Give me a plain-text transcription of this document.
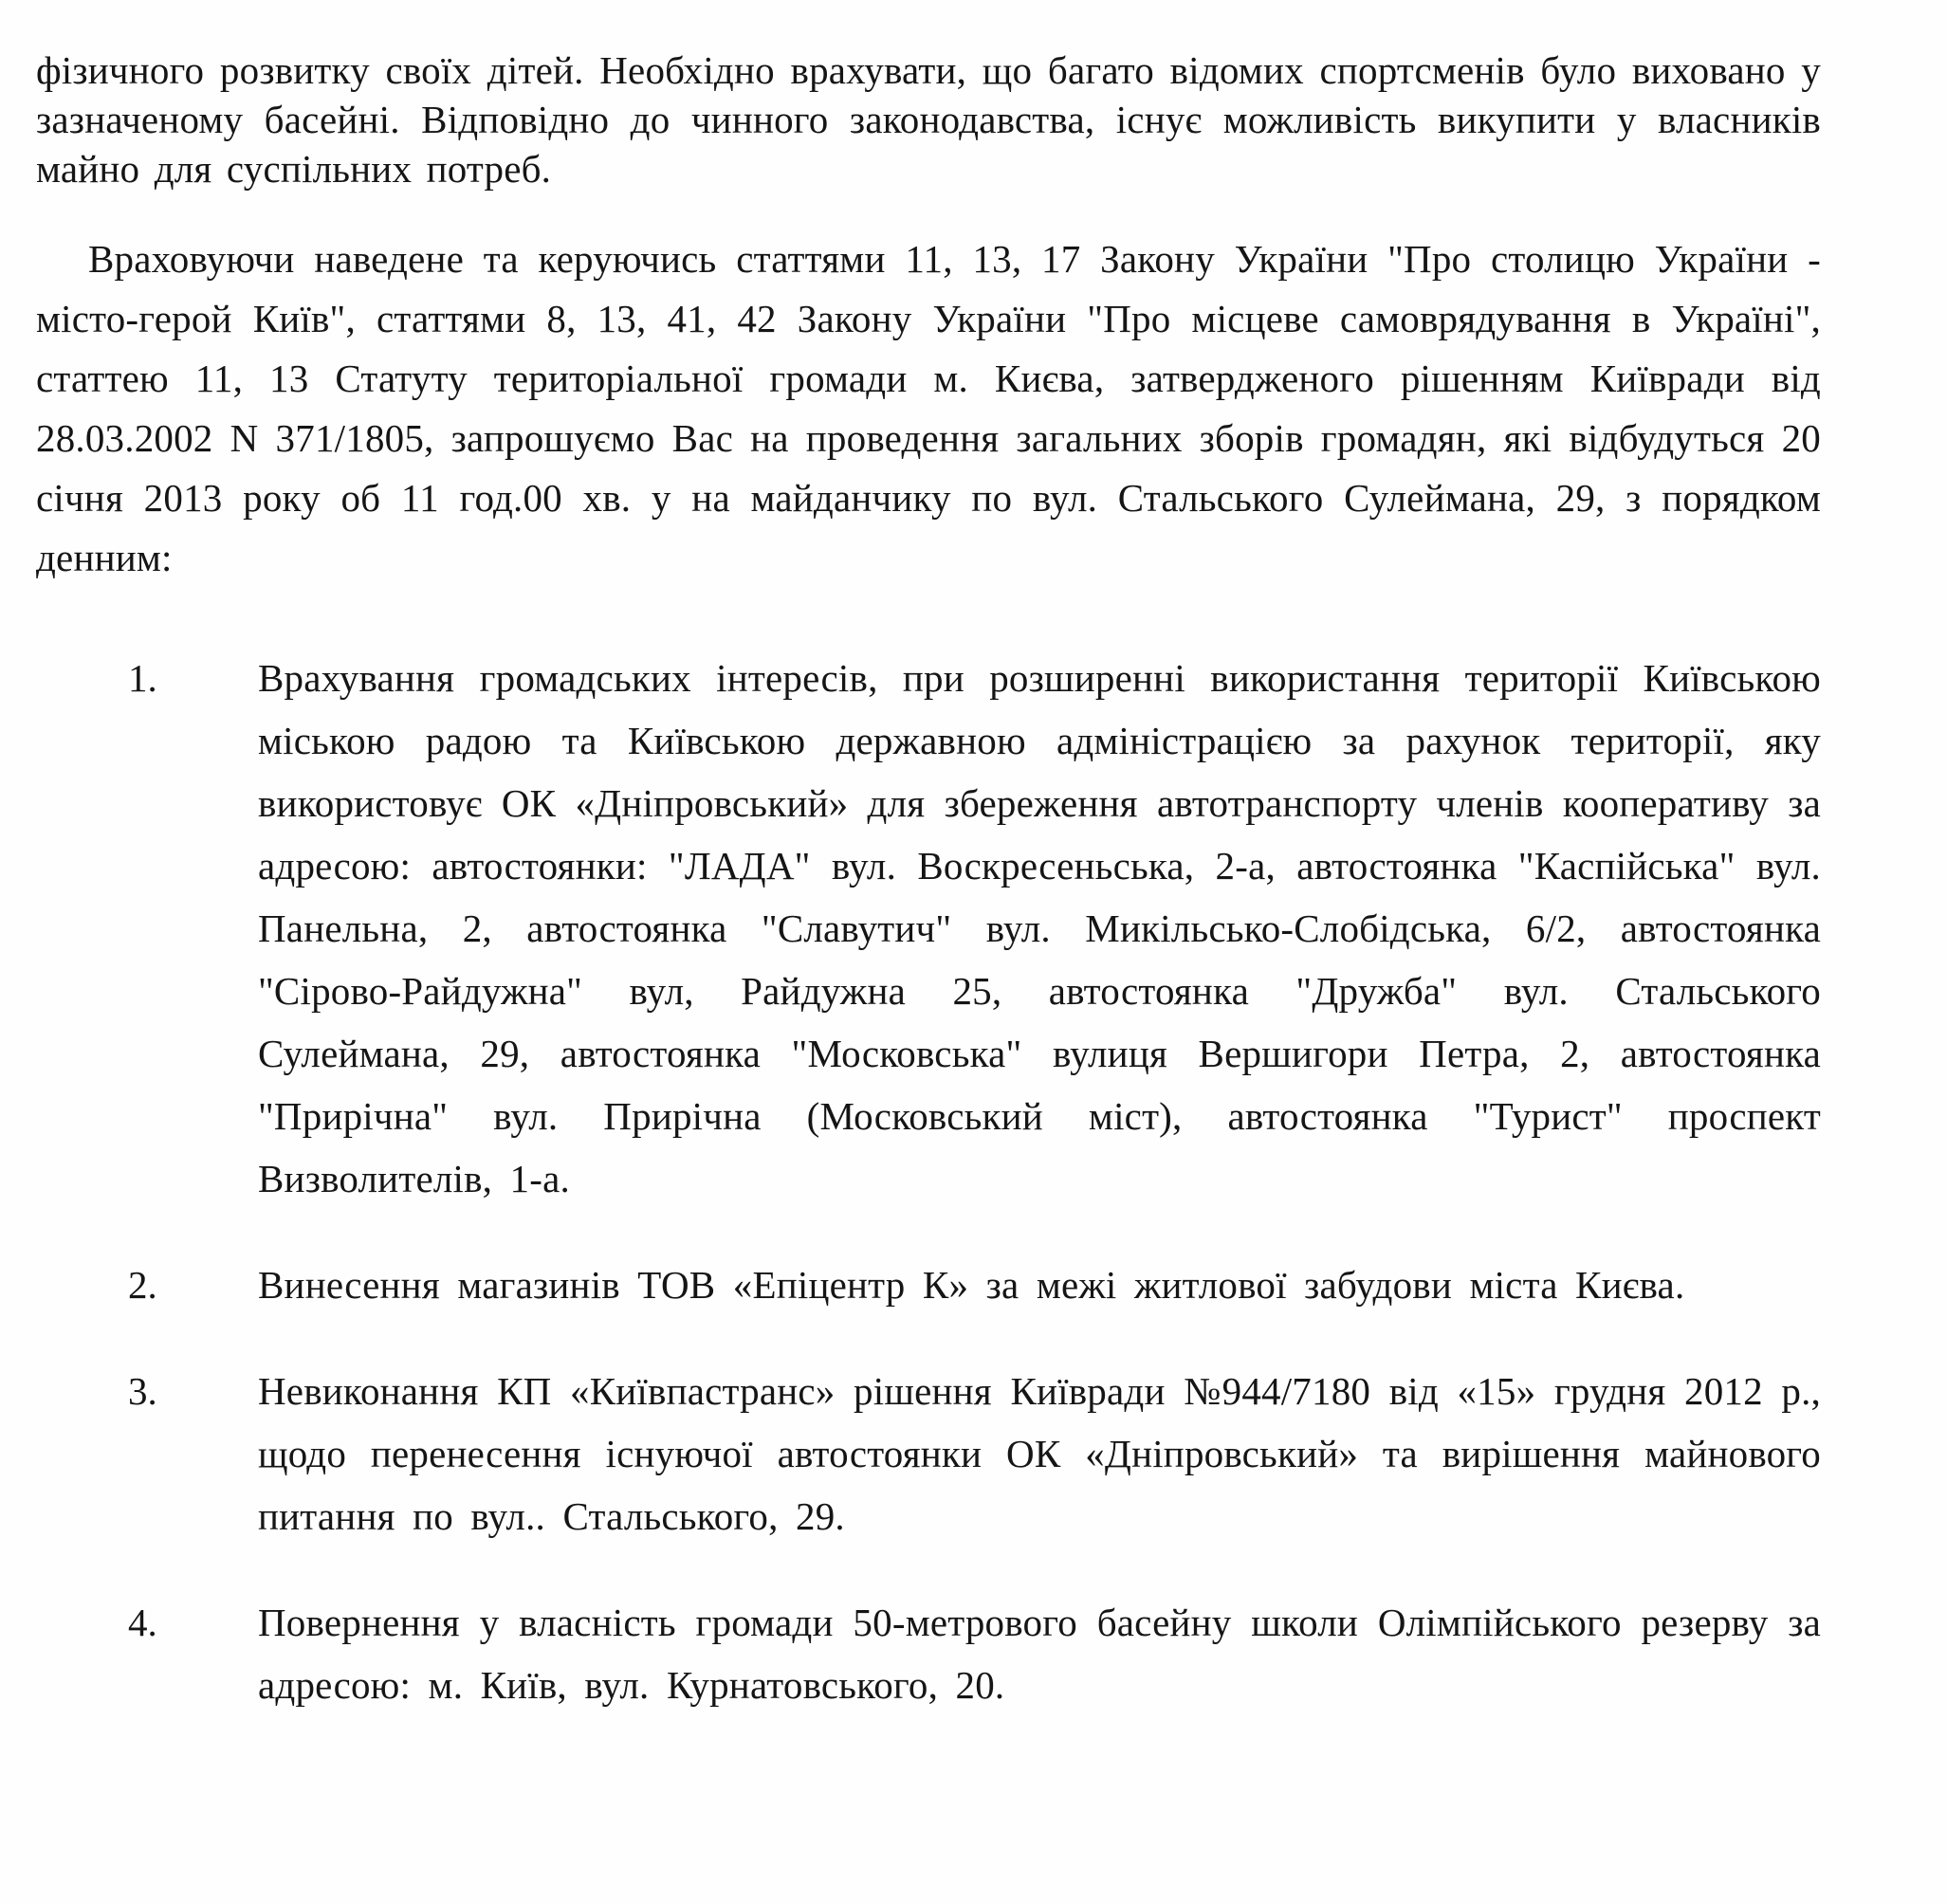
фізичного розвитку своїх дітей. Необхідно врахувати, що багато відомих спортсменів було виховано у зазначеному басейні. Відповідно до чинного законодавства, існує можливість викупити у власників майно для суспільних потреб.

Враховуючи наведене та керуючись статтями 11, 13, 17 Закону України "Про столицю України - місто-герой Київ", статтями 8, 13, 41, 42 Закону України "Про місцеве самоврядування в Україні", статтею 11, 13 Статуту територіальної громади м. Києва, затвердженого рішенням Київради від 28.03.2002 N 371/1805, запрошуємо Вас на проведення загальних зборів громадян, які відбудуться 20 січня 2013 року об 11 год.00 хв. у на майданчику по вул. Стальського Сулеймана, 29, з порядком денним:

1.	Врахування громадських інтересів, при розширенні використання території Київською міською радою та Київською державною адміністрацією за рахунок території, яку використовує ОК «Дніпровський» для збереження автотранспорту членів кооперативу за адресою: автостоянки: "ЛАДА" вул. Воскресеньська, 2-а, автостоянка "Каспійська" вул. Панельна, 2, автостоянка "Славутич" вул. Микільсько-Слобідська, 6/2, автостоянка "Сірово-Райдужна" вул, Райдужна 25, автостоянка "Дружба" вул. Стальського Сулеймана, 29, автостоянка "Московська" вулиця Вершигори Петра, 2, автостоянка "Прирічна" вул. Прирічна (Московський міст), автостоянка "Турист" проспект Визволителів, 1-а.
2.	Винесення магазинів ТОВ «Епіцентр К» за межі житлової забудови міста Києва.
3.	Невиконання КП «Київпастранс» рішення Київради №944/7180 від «15» грудня 2012 р., щодо перенесення існуючої автостоянки ОК «Дніпровський» та вирішення майнового питання по вул.. Стальського, 29.
4.	Повернення у власність громади 50-метрового басейну школи Олімпійського резерву за адресою: м. Київ, вул. Курнатовського, 20.
